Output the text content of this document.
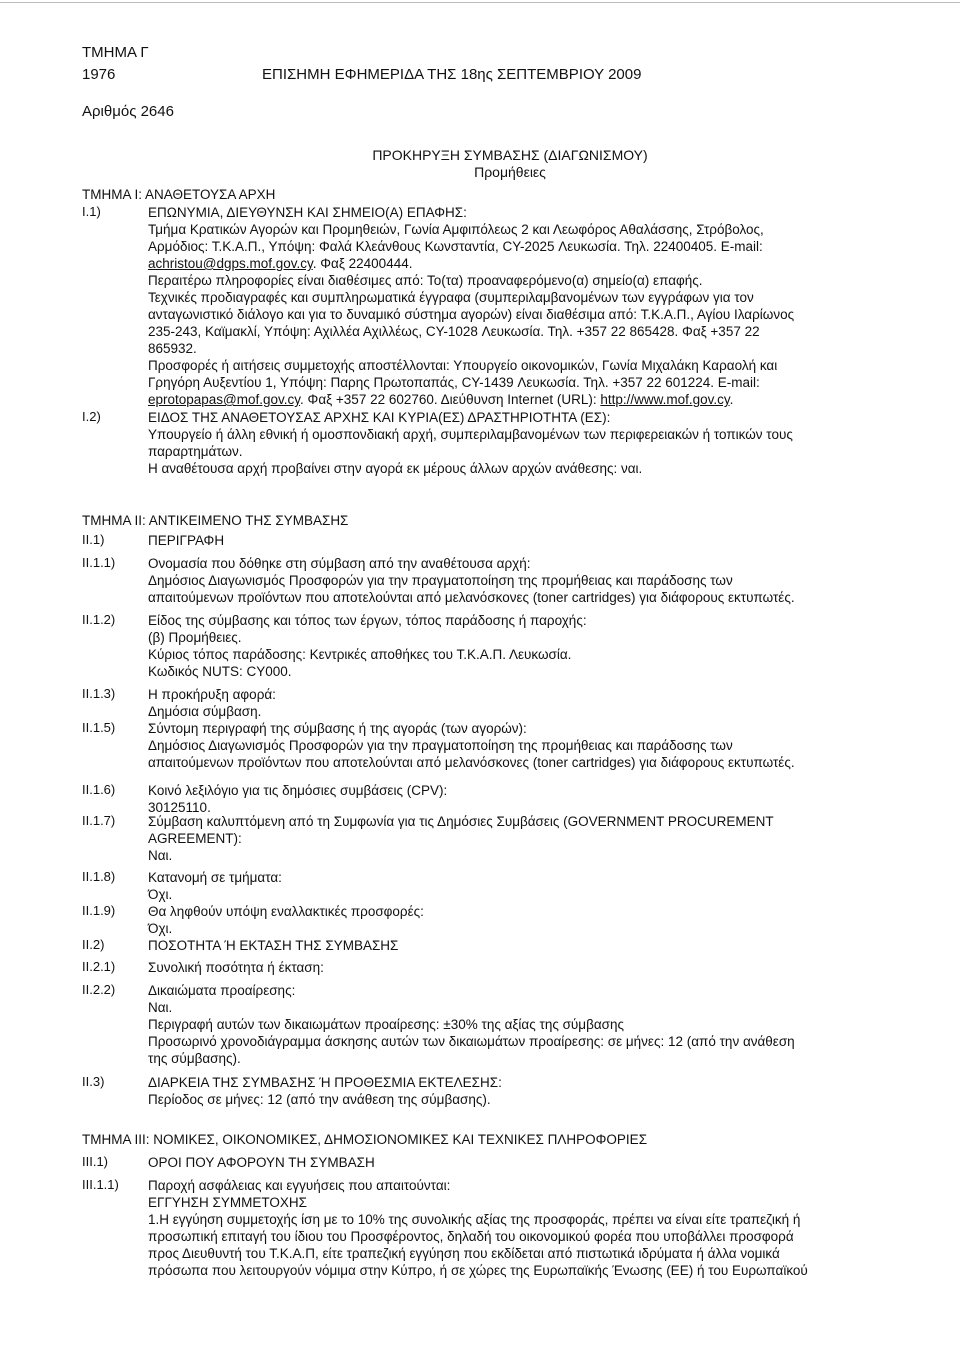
ΤΜΗΜΑ Γ
1976	ΕΠΙΣΗΜΗ ΕΦΗΜΕΡΙΔΑ ΤΗΣ 18ης ΣΕΠΤΕΜΒΡΙΟΥ 2009
Αριθμός 2646
ΠΡΟΚΗΡΥΞΗ ΣΥΜΒΑΣΗΣ (ΔΙΑΓΩΝΙΣΜΟΥ)
Προμήθειες
ΤΜΗΜΑ Ι: ΑΝΑΘΕΤΟΥΣΑ ΑΡΧΗ
Ι.1)	ΕΠΩΝΥΜΙΑ, ΔΙΕΥΘΥΝΣΗ ΚΑΙ ΣΗΜΕΙΟ(Α) ΕΠΑΦΗΣ:
Τμήμα Κρατικών Αγορών και Προμηθειών, Γωνία Αμφιπόλεως 2 και Λεωφόρος Αθαλάσσης, Στρόβολος,
Αρμόδιος: Τ.Κ.Α.Π., Υπόψη: Φαλά Κλεάνθους Κωνσταντία, CY-2025 Λευκωσία. Τηλ. 22400405. E-mail:
achristou@dgps.mof.gov.cy. Φαξ 22400444.
Περαιτέρω πληροφορίες είναι διαθέσιμες από: Το(τα) προαναφερόμενο(α) σημείο(α) επαφής.
Τεχνικές προδιαγραφές και συμπληρωματικά έγγραφα (συμπεριλαμβανομένων των εγγράφων για τον
ανταγωνιστικό διάλογο και για το δυναμικό σύστημα αγορών) είναι διαθέσιμα από: Τ.Κ.Α.Π., Αγίου Ιλαρίωνος
235-243, Καϊμακλί, Υπόψη: Αχιλλέα Αχιλλέως, CY-1028 Λευκωσία. Τηλ. +357 22 865428. Φαξ +357 22
865932.
Προσφορές ή αιτήσεις συμμετοχής αποστέλλονται: Υπουργείο οικονομικών, Γωνία Μιχαλάκη Καραολή και
Γρηγόρη Αυξεντίου 1, Υπόψη: Παρης Πρωτοπαπάς, CY-1439 Λευκωσία. Τηλ. +357 22 601224. E-mail:
eprotopapas@mof.gov.cy. Φαξ +357 22 602760. Διεύθυνση Internet (URL): http://www.mof.gov.cy.
Ι.2)	ΕΙΔΟΣ ΤΗΣ ΑΝΑΘΕΤΟΥΣΑΣ ΑΡΧΗΣ ΚΑΙ ΚΥΡΙΑ(ΕΣ) ΔΡΑΣΤΗΡΙΟΤΗΤΑ (ΕΣ):
Υπουργείο ή άλλη εθνική ή ομοσπονδιακή αρχή, συμπεριλαμβανομένων των περιφερειακών ή τοπικών τους
παραρτημάτων.
Η αναθέτουσα αρχή προβαίνει στην αγορά εκ μέρους άλλων αρχών ανάθεσης: ναι.
ΤΜΗΜΑ ΙΙ: ΑΝΤΙΚΕΙΜΕΝΟ ΤΗΣ ΣΥΜΒΑΣΗΣ
ΙΙ.1)	ΠΕΡΙΓΡΑΦΗ
ΙΙ.1.1) Ονομασία που δόθηκε στη σύμβαση από την αναθέτουσα αρχή:
Δημόσιος Διαγωνισμός Προσφορών για την πραγματοποίηση της προμήθειας και παράδοσης των
απαιτούμενων προϊόντων που αποτελούνται από μελανόσκονες (toner cartridges) για διάφορους εκτυπωτές.
ΙΙ.1.2) Είδος της σύμβασης και τόπος των έργων, τόπος παράδοσης ή παροχής:
(β) Προμήθειες.
Κύριος τόπος παράδοσης: Κεντρικές αποθήκες του Τ.Κ.Α.Π. Λευκωσία.
Κωδικός NUTS: CY000.
ΙΙ.1.3) Η προκήρυξη αφορά:
Δημόσια σύμβαση.
ΙΙ.1.5) Σύντομη περιγραφή της σύμβασης ή της αγοράς (των αγορών):
Δημόσιος Διαγωνισμός Προσφορών για την πραγματοποίηση της προμήθειας και παράδοσης των
απαιτούμενων προϊόντων που αποτελούνται από μελανόσκονες (toner cartridges) για διάφορους εκτυπωτές.
ΙΙ.1.6) Κοινό λεξιλόγιο για τις δημόσιες συμβάσεις (CPV):
30125110.
ΙΙ.1.7) Σύμβαση καλυπτόμενη από τη Συμφωνία για τις Δημόσιες Συμβάσεις (GOVERNMENT PROCUREMENT
AGREEMENT):
Ναι.
ΙΙ.1.8) Κατανομή σε τμήματα:
Όχι.
ΙΙ.1.9) Θα ληφθούν υπόψη εναλλακτικές προσφορές:
Όχι.
ΙΙ.2)	ΠΟΣΟΤΗΤΑ Ή ΕΚΤΑΣΗ ΤΗΣ ΣΥΜΒΑΣΗΣ
ΙΙ.2.1) Συνολική ποσότητα ή έκταση:
ΙΙ.2.2) Δικαιώματα προαίρεσης:
Ναι.
Περιγραφή αυτών των δικαιωμάτων προαίρεσης: ±30% της αξίας της σύμβασης
Προσωρινό χρονοδιάγραμμα άσκησης αυτών των δικαιωμάτων προαίρεσης: σε μήνες: 12 (από την ανάθεση
της σύμβασης).
ΙΙ.3)	ΔΙΑΡΚΕΙΑ ΤΗΣ ΣΥΜΒΑΣΗΣ Ή ΠΡΟΘΕΣΜΙΑ ΕΚΤΕΛΕΣΗΣ:
Περίοδος σε μήνες: 12 (από την ανάθεση της σύμβασης).
ΤΜΗΜΑ ΙΙΙ: ΝΟΜΙΚΕΣ, ΟΙΚΟΝΟΜΙΚΕΣ, ΔΗΜΟΣΙΟΝΟΜΙΚΕΣ ΚΑΙ ΤΕΧΝΙΚΕΣ ΠΛΗΡΟΦΟΡΙΕΣ
ΙΙΙ.1)	ΟΡΟΙ ΠΟΥ ΑΦΟΡΟΥΝ ΤΗ ΣΥΜΒΑΣΗ
ΙΙΙ.1.1) Παροχή ασφάλειας και εγγυήσεις που απαιτούνται:
ΕΓΓΥΗΣΗ ΣΥΜΜΕΤΟΧΗΣ
1.Η εγγύηση συμμετοχής ίση με το 10% της συνολικής αξίας της προσφοράς, πρέπει να είναι είτε τραπεζική ή
προσωπική επιταγή του ίδιου του Προσφέροντος, δηλαδή του οικονομικού φορέα που υποβάλλει προσφορά
προς Διευθυντή του Τ.Κ.Α.Π, είτε τραπεζική εγγύηση που εκδίδεται από πιστωτικά ιδρύματα ή άλλα νομικά
πρόσωπα που λειτουργούν νόμιμα στην Κύπρο, ή σε χώρες της Ευρωπαϊκής Ένωσης (ΕΕ) ή του Ευρωπαϊκού
